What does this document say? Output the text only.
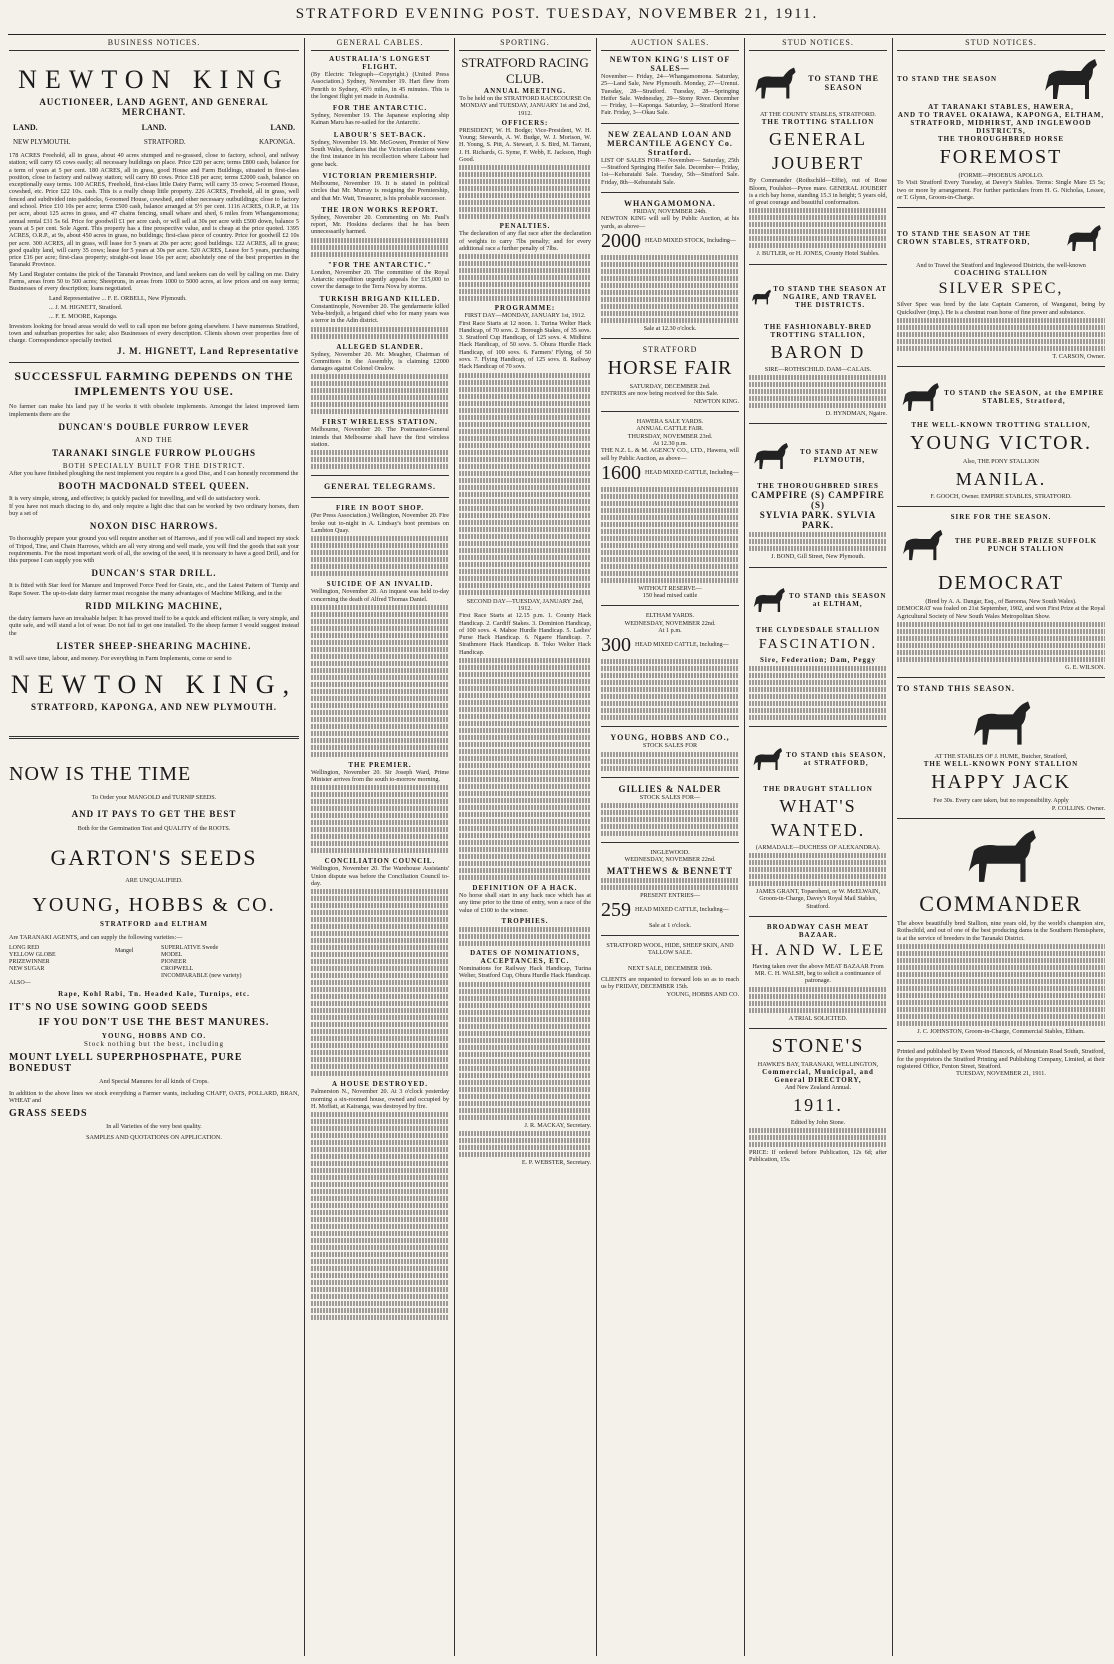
STRATFORD EVENING POST. TUESDAY, NOVEMBER 21, 1911.
BUSINESS NOTICES.
NEWTON KING
AUCTIONEER, LAND AGENT, AND GENERAL MERCHANT.
LAND.	LAND.	LAND.
NEW PLYMOUTH.	STRATFORD.	KAPONGA.

178 ACRES Freehold, all in grass, about 40 acres stumped and re-grassed, close to factory, school, and railway station; will carry 65 cows easily; all necessary buildings on place. Price £20 per acre; terms £800 cash, balance for a term of years at 5 per cent. 180 ACRES, all in grass, good House and Farm Buildings, situated in first-class position, close to factory and railway station; will carry 80 cows. Price £18 per acre; terms £2000 cash, balance on exceptionally easy terms. 100 ACRES, Freehold, first-class little Dairy Farm; will carry 35 cows; 5-roomed House, cowshed, etc. Price £22 10s. cash. This is a really cheap little property. 226 ACRES, Freehold, all in grass, well fenced and subdivided into paddocks, 6-roomed House, cowshed, and other necessary outbuildings; close to factory and school. Price £10 10s per acre; terms £500 cash, balance arranged at 5½ per cent. 1116 ACRES, O.R.P., at 11s per acre, about 125 acres in grass, and 47 chains fencing, small whare and shed, 6 miles from Whangamomona; annual rental £31 5s 6d. Price for goodwill £1 per acre cash, or will sell at 30s per acre with £500 down, balance 5 years at 5 per cent. Sole Agent. This property has a fine prospective value, and is cheap at the price quoted. 1395 ACRES, O.R.P., at 9s, about 450 acres in grass, no buildings; first-class piece of country. Price for goodwill £2 10s per acre. 300 ACRES, all in grass, will lease for 5 years at 20s per acre; good buildings. 122 ACRES, all in grass; good quality land, will carry 35 cows; lease for 5 years at 30s per acre. 520 ACRES, Lease for 5 years, purchasing price £16 per acre; first-class property; straight-out lease 16s per acre; absolutely one of the best properties in the Taranaki Province.

My Land Register contains the pick of the Taranaki Province, and land seekers can do well by calling on me. Dairy Farms, areas from 50 to 500 acres; Sheepruns, in areas from 1000 to 5000 acres, at low prices and on easy terms; Businesses of every description; loans negotiated.

Land Representative ... F. E. ORBELL, New Plymouth.

... J. M. HIGNETT, Stratford.

... F. E. MOORE, Kaponga.

Investors looking for bread areas would do well to call upon me before going elsewhere. I have numerous Stratford, town and suburban properties for sale; also Businesses of every description. Clients shown over properties free of charge. Correspondence specially invited.

J. M. HIGNETT, Land Representative
SUCCESSFUL FARMING DEPENDS ON THE IMPLEMENTS YOU USE.
No farmer can make his land pay if he works it with obsolete implements. Amongst the latest improved farm implements there are the
DUNCAN'S DOUBLE FURROW LEVER
AND THE
TARANAKI SINGLE FURROW PLOUGHS
BOTH SPECIALLY BUILT FOR THE DISTRICT.
After you have finished ploughing the next implement you require is a good Disc, and I can honestly recommend the
BOOTH MACDONALD STEEL QUEEN.
It is very simple, strong, and effective; is quickly packed for travelling, and will do satisfactory work.
If you have not much discing to do, and only require a light disc that can be worked by two ordinary horses, then buy a set of
NOXON DISC HARROWS.
To thoroughly prepare your ground you will require another set of Harrows, and if you will call and inspect my stock of Tripod, Tine, and Chain Harrows, which are all very strong and well made, you will find the goods that suit your requirements. For the most important work of all, the sowing of the seed, it is necessary to have a good Drill, and for this purpose I can supply you with
DUNCAN'S STAR DRILL.
It is fitted with Star feed for Manure and Improved Force Feed for Grain, etc., and the Latest Pattern of Turnip and Rape Sower. The up-to-date dairy farmer must recognise the many advantages of Machine Milking, and in the
RIDD MILKING MACHINE,
the dairy farmers have an invaluable helper. It has proved itself to be a quick and efficient milker, is very simple, and quite safe, and will stand a lot of wear. Do not fail to get one installed. To the sheep farmer I would suggest instead the
LISTER SHEEP-SHEARING MACHINE.
It will save time, labour, and money. For everything in Farm Implements, come or send to
NEWTON KING,
STRATFORD, KAPONGA, AND NEW PLYMOUTH.
NOW IS THE TIME
To Order your MANGOLD and TURNIP SEEDS.
AND IT PAYS TO GET THE BEST
Both for the Germination Test and QUALITY of the ROOTS.
GARTON'S SEEDS
ARE UNQUALIFIED.
YOUNG, HOBBS & CO.
STRATFORD and ELTHAM
Are TARANAKI AGENTS, and can supply the following varieties:—
LONG RED
YELLOW GLOBE
PRIZEWINNER
NEW SUGAR
Mangel	SUPERLATIVE Swede
MODEL
PIONEER
CROPWELL
INCOMPARABLE (new variety)
ALSO—
Rape, Kohl Rabi, Tn. Headed Kale, Turnips, etc.
IT'S NO USE SOWING GOOD SEEDS
IF YOU DON'T USE THE BEST MANURES.
YOUNG, HOBBS AND CO.
Stock nothing but the best, including
MOUNT LYELL SUPERPHOSPHATE, PURE BONEDUST
And Special Manures for all kinds of Crops.
In addition to the above lines we stock everything a Farmer wants, including CHAFF, OATS, POLLARD, BRAN, WHEAT and
GRASS SEEDS
In all Varieties of the very best quality.
SAMPLES AND QUOTATIONS ON APPLICATION.
GENERAL CABLES.
AUSTRALIA'S LONGEST FLIGHT.
(By Electric Telegraph—Copyright.) (United Press Association.) Sydney, November 19. Hart flew from Penrith to Sydney, 45½ miles, in 45 minutes. This is the longest flight yet made in Australia.
FOR THE ANTARCTIC.
Sydney, November 19. The Japanese exploring ship Kainan Maru has re-sailed for the Antarctic.
LABOUR'S SET-BACK.
Sydney, November 19. Mr. McGowen, Premier of New South Wales, declares that the Victorian elections were the first instance in his recollection where Labour had gone back.
VICTORIAN PREMIERSHIP.
Melbourne, November 19. It is stated in political circles that Mr. Murray is resigning the Premiership, and that Mr. Watt, Treasurer, is his probable successor.
THE IRON WORKS REPORT.
Sydney, November 20. Commenting on Mr. Paul's report, Mr. Hoskins declares that he has been unnecessarily harmed.
"FOR THE ANTARCTIC."
London, November 20. The committee of the Royal Antarctic expedition urgently appeals for £15,000 to cover the damage to the Terra Nova by storms.
TURKISH BRIGAND KILLED.
Constantinople, November 20. The gendarmerie killed Yeba-birdjoli, a brigand chief who for many years was a terror in the Adin district.
ALLEGED SLANDER.
Sydney, November 20. Mr. Meagher, Chairman of Committees in the Assembly, is claiming £2000 damages against Colonel Onslow.
FIRST WIRELESS STATION.
Melbourne, November 20. The Postmaster-General intends that Melbourne shall have the first wireless station.
GENERAL TELEGRAMS.
FIRE IN BOOT SHOP.
(Per Press Association.) Wellington, November 20. Fire broke out to-night in A. Lindsay's boot premises on Lambton Quay.
SUICIDE OF AN INVALID.
Wellington, November 20. An inquest was held to-day concerning the death of Alfred Thomas Daniel.
THE PREMIER.
Wellington, November 20. Sir Joseph Ward, Prime Minister arrives from the south to-morrow morning.
CONCILIATION COUNCIL.
Wellington, November 20. The Warehouse Assistants' Union dispute was before the Conciliation Council to-day.
A HOUSE DESTROYED.
Palmerston N., November 20. At 3 o'clock yesterday morning a six-roomed house, owned and occupied by H. Moffatt, at Kairanga, was destroyed by fire.
SPORTING.
STRATFORD RACING CLUB.
ANNUAL MEETING.
To be held on the STRATFORD RACECOURSE On MONDAY and TUESDAY, JANUARY 1st and 2nd, 1912.
OFFICERS:
PRESIDENT, W. H. Bodge; Vice-President, W. H. Young; Stewards, A. W. Budge, W. J. Morison, W. H. Young, S. Pitt, A. Stewart, J. S. Bird, M. Tarrant, J. H. Richards, G. Syme, F. Webb, E. Jackson, Hugh Good.
PENALTIES.
The declaration of any flat race after the declaration of weights to carry 7lbs penalty; and for every additional race a further penalty of 7lbs.
PROGRAMME:
FIRST DAY—MONDAY, JANUARY 1st, 1912.
First Race Starts at 12 noon. 1. Turina Welter Hack Handicap, of 70 sovs. 2. Borough Stakes, of 35 sovs. 3. Stratford Cup Handicap, of 125 sovs. 4. Midhirst Hack Handicap, of 50 sovs. 5. Ohura Hurdle Hack Handicap, of 100 sovs. 6. Farmers' Flying, of 50 sovs. 7. Flying Handicap, of 125 sovs. 8. Railway Hack Handicap of 70 sovs.
SECOND DAY—TUESDAY, JANUARY 2nd, 1912.
First Race Starts at 12.15 p.m. 1. County Hack Handicap. 2. Cardiff Stakes. 3. Dominion Handicap, of 100 sovs. 4. Mahoe Hurdle Handicap. 5. Ladies' Purse Hack Handicap. 6. Ngaere Handicap. 7. Strathmore Hack Handicap. 8. Toko Welter Hack Handicap.
DEFINITION OF A HACK.
No horse shall start in any hack race which has at any time prior to the time of entry, won a race of the value of £100 to the winner.
TROPHIES.
DATES OF NOMINATIONS, ACCEPTANCES, ETC.
Nominations for Railway Hack Handicap, Turina Welter, Stratford Cup, Ohura Hurdle Hack Handicap.
J. R. MACKAY, Secretary.
E. P. WEBSTER, Secretary.
AUCTION SALES.
NEWTON KING'S LIST OF SALES—
November— Friday, 24—Whangamomona. Saturday, 25—Land Sale, New Plymouth. Monday, 27—Urenui. Tuesday, 28—Stratford. Tuesday, 28—Springing Heifer Sale. Wednesday, 29—Stony River. December— Friday, 1—Kaponga. Saturday, 2—Stratford Horse Fair. Friday, 3—Okau Sale.
NEW ZEALAND LOAN AND MERCANTILE AGENCY Co. Stratford.
LIST OF SALES FOR— November— Saturday, 25th—Stratford Springing Heifer Sale. December— Friday, 1st—Kehuratahi Sale. Tuesday, 5th—Stratford Sale. Friday, 8th—Kehuratahi Sale.
WHANGAMOMONA.
FRIDAY, NOVEMBER 24th.
NEWTON KING will sell by Public Auction, at his yards, as above—
2000 HEAD MIXED STOCK, Including—
Sale at 12.30 o'clock.
STRATFORD
HORSE FAIR
SATURDAY, DECEMBER 2nd.
ENTRIES are now being received for this Sale.
NEWTON KING.
HAWERA SALE YARDS.
ANNUAL CATTLE FAIR.
THURSDAY, NOVEMBER 23rd.
At 12.30 p.m.
THE N.Z. L. & M. AGENCY CO., LTD., Hawera, will sell by Public Auction, as above—
1600 HEAD MIXED CATTLE, Including—
WITHOUT RESERVE—
150 head mixed cattle
ELTHAM YARDS.
WEDNESDAY, NOVEMBER 22nd.
At 1 p.m.
300 HEAD MIXED CATTLE, Including—
YOUNG, HOBBS AND CO.,
STOCK SALES FOR
GILLIES & NALDER
STOCK SALES FOR—
INGLEWOOD.
WEDNESDAY, NOVEMBER 22nd.
MATTHEWS & BENNETT
PRESENT ENTRIES—
259 HEAD MIXED CATTLE, Including—
Sale at 1 o'clock.
STRATFORD WOOL, HIDE, SHEEP SKIN, AND TALLOW SALE.
NEXT SALE, DECEMBER 19th.
CLIENTS are requested to forward lots so as to reach us by FRIDAY, DECEMBER 15th.
YOUNG, HOBBS AND CO.
STUD NOTICES.
TO STAND THE SEASON
AT THE COUNTY STABLES, STRATFORD.
THE TROTTING STALLION
GENERAL
JOUBERT
By Commander (Rothschild—Effie), out of Rose Bloom, Foulshot—Pyree mare. GENERAL JOUBERT is a rich bay horse, standing 15.3 in height; 5 years old, of great courage and beautiful conformation.
J. BUTLER, or H. JONES, County Hotel Stables.
TO STAND THE SEASON AT NGAIRE, AND TRAVEL THE DISTRICTS.
THE FASHIONABLY-BRED TROTTING STALLION,
BARON D
SIRE—ROTHSCHILD. DAM—CALAIS.
D. HYNDMAN, Ngaire.
TO STAND AT NEW PLYMOUTH,
THE THOROUGHBRED SIRES
CAMPFIRE (S) CAMPFIRE (S)
SYLVIA PARK. SYLVIA PARK.
J. BOND, Gill Street, New Plymouth.
TO STAND this SEASON at ELTHAM,
THE CLYDESDALE STALLION
FASCINATION.
Sire, Federation; Dam, Peggy
TO STAND this SEASON, at STRATFORD,
THE DRAUGHT STALLION
WHAT'S
WANTED.
(ARMADALE—DUCHESS OF ALEXANDRA).
JAMES GRANT, Toparoheni, or W. McELWAIN, Groom-in-Charge, Davey's Royal Mail Stables, Stratford.
BROADWAY CASH MEAT BAZAAR.
H. AND W. LEE
Having taken over the above MEAT BAZAAR From MR. C. H. WALSH, beg to solicit a continuance of patronage.
A TRIAL SOLICITED.
STONE'S
HAWKE'S BAY, TARANAKI, WELLINGTON,
Commercial, Municipal, and General DIRECTORY,
And New Zealand Annual.
1911.
Edited by John Stone.
PRICE: If ordered before Publication, 12s 6d; after Publication, 15s.
STUD NOTICES.
TO STAND THE SEASON
AT TARANAKI STABLES, HAWERA,
AND TO TRAVEL OKAIAWA, KAPONGA, ELTHAM, STRATFORD, MIDHIRST, AND INGLEWOOD DISTRICTS,
THE THOROUGHBRED HORSE
FOREMOST
(FORME—PHOEBUS APOLLO.
To Visit Stratford Every Tuesday, at Davey's Stables. Terms: Single Mare £5 5s; two or more by arrangement. For further particulars from H. G. Nicholas, Lessee, or T. Glynn, Groom-in-Charge.
TO STAND THE SEASON AT THE CROWN STABLES, STRATFORD,
And to Travel the Stratford and Inglewood Districts, the well-known
COACHING STALLION
SILVER SPEC,
Silver Spec was bred by the late Captain Cameron, of Wanganui, being by Quicksilver (imp.). He is a chestnut roan horse of fine power and substance.
T. CARSON, Owner.
TO STAND the SEASON, at the EMPIRE STABLES, Stratford,
THE WELL-KNOWN TROTTING STALLION,
YOUNG VICTOR.
Also, THE PONY STALLION
MANILA.
F. GOOCH, Owner. EMPIRE STABLES, STRATFORD.
SIRE FOR THE SEASON.
THE PURE-BRED PRIZE SUFFOLK PUNCH STALLION
DEMOCRAT
(Bred by A. A. Dangar, Esq., of Baroona, New South Wales).
DEMOCRAT was foaled on 21st September, 1902, and won First Prize at the Royal Agricultural Society of New South Wales Metropolitan Show.
G. E. WILSON.
TO STAND THIS SEASON.
AT THE STABLES OF J. HUME, Butcher, Stratford,
THE WELL-KNOWN PONY STALLION
HAPPY JACK
Fee 30s. Every care taken, but no responsibility. Apply
P. COLLINS. Owner.
COMMANDER
The above beautifully bred Stallion, nine years old, by the world's champion sire, Rothschild, and out of one of the best producing dams in the Southern Hemisphere, is at the service of breeders in the Taranaki District.
J. C. JOHNSTON, Groom-in-Charge, Commercial Stables, Eltham.
Printed and published by Ewen Wood Hancock, of Mountain Road South, Stratford, for the proprietors the Stratford Printing and Publishing Company, Limited, at their registered Office, Fenton Street, Stratford.
TUESDAY, NOVEMBER 21, 1911.
